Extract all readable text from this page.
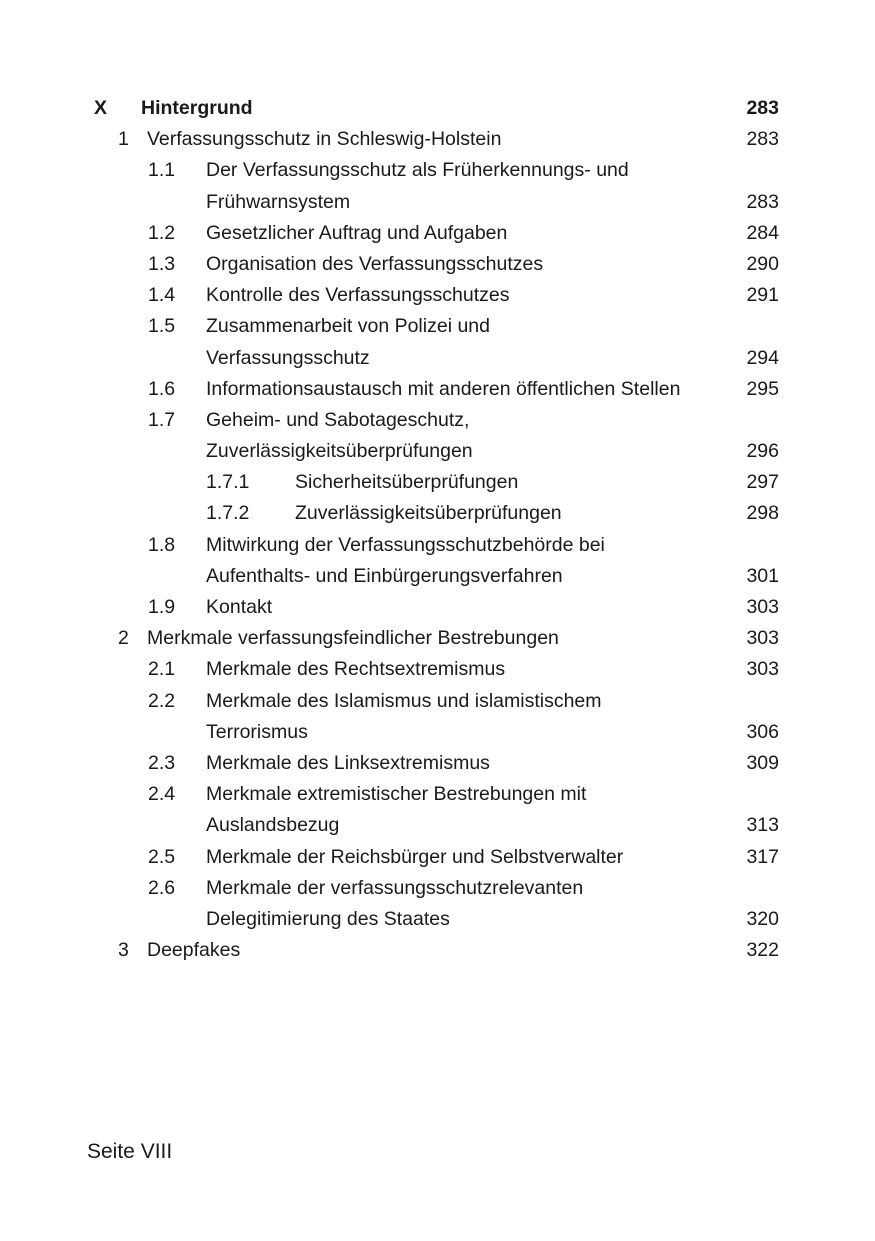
X Hintergrund	283
1 Verfassungsschutz in Schleswig-Holstein	283
1.1 Der Verfassungsschutz als Früherkennungs- und
Frühwarnsystem	283
1.2 Gesetzlicher Auftrag und Aufgaben	284
1.3 Organisation des Verfassungsschutzes	290
1.4 Kontrolle des Verfassungsschutzes	291
1.5 Zusammenarbeit von Polizei und
Verfassungsschutz	294
1.6 Informationsaustausch mit anderen öffentlichen Stellen	295
1.7 Geheim- und Sabotageschutz,
Zuverlässigkeitsüberprüfungen	296
1.7.1 Sicherheitsüberprüfungen	297
1.7.2 Zuverlässigkeitsüberprüfungen	298
1.8 Mitwirkung der Verfassungsschutzbehörde bei
Aufenthalts- und Einbürgerungsverfahren	301
1.9 Kontakt	303
2 Merkmale verfassungsfeindlicher Bestrebungen	303
2.1 Merkmale des Rechtsextremismus	303
2.2 Merkmale des Islamismus und islamistischem
Terrorismus	306
2.3 Merkmale des Linksextremismus	309
2.4 Merkmale extremistischer Bestrebungen mit
Auslandsbezug	313
2.5 Merkmale der Reichsbürger und Selbstverwalter	317
2.6 Merkmale der verfassungsschutzrelevanten
Delegitimierung des Staates	320
3 Deepfakes	322
Seite VIII
